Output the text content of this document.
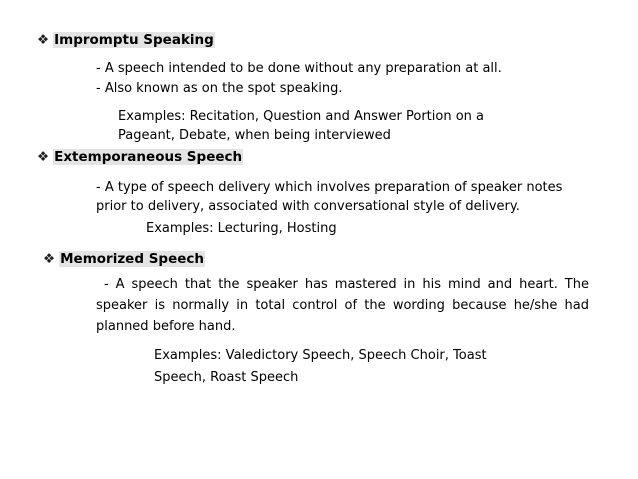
❖ Impromptu Speaking
- A speech intended to be done without any preparation at all.
- Also known as on the spot speaking.
Examples: Recitation, Question and Answer Portion on a
Pageant, Debate, when being interviewed
❖ Extemporaneous Speech
- A type of speech delivery which involves preparation of speaker notes
prior to delivery, associated with conversational style of delivery.
Examples: Lecturing, Hosting
❖ Memorized Speech
- A speech that the speaker has mastered in his mind and heart. The speaker is normally in total control of the wording because he/she had planned before hand.
Examples: Valedictory Speech, Speech Choir, Toast
Speech, Roast Speech
